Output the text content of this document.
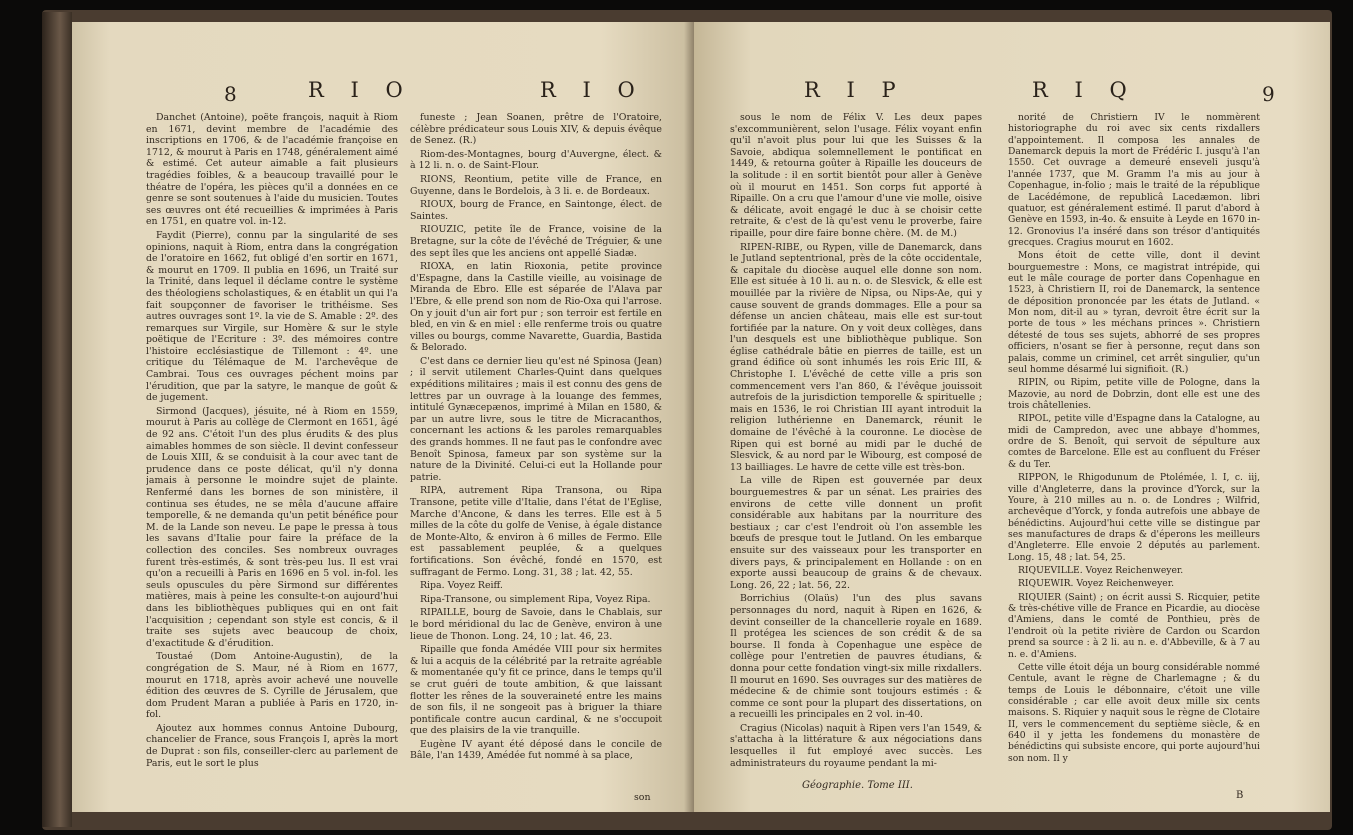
8	R I O	R I O

Danchet (Antoine), poëte françois, naquit à Riom en 1671, devint membre de l'académie des inscriptions en 1706, & de l'académie françoise en 1712, & mourut à Paris en 1748, généralement aimé & estimé. Cet auteur aimable a fait plusieurs tragédies foibles, & a beaucoup travaillé pour le théatre de l'opéra, les pièces qu'il a données en ce genre se sont soutenues à l'aide du musicien. Toutes ses œuvres ont été recueillies & imprimées à Paris en 1751, en quatre vol. in-12.

Faydit (Pierre), connu par la singularité de ses opinions, naquit à Riom, entra dans la congrégation de l'oratoire en 1662, fut obligé d'en sortir en 1671, & mourut en 1709. Il publia en 1696, un Traité sur la Trinité, dans lequel il déclame contre le système des théologiens scholastiques, & en établit un qui l'a fait soupçonner de favoriser le trithéisme. Ses autres ouvrages sont 1º. la vie de S. Amable : 2º. des remarques sur Virgile, sur Homère & sur le style poëtique de l'Ecriture : 3º. des mémoires contre l'histoire ecclésiastique de Tillemont : 4º. une critique du Télémaque de M. l'archevêque de Cambrai. Tous ces ouvrages péchent moins par l'érudition, que par la satyre, le manque de goût & de jugement.

Sirmond (Jacques), jésuite, né à Riom en 1559, mourut à Paris au collège de Clermont en 1651, âgé de 92 ans. C'étoit l'un des plus érudits & des plus aimables hommes de son siècle. Il devint confesseur de Louis XIII, & se conduisit à la cour avec tant de prudence dans ce poste délicat, qu'il n'y donna jamais à personne le moindre sujet de plainte. Renfermé dans les bornes de son ministère, il continua ses études, ne se mêla d'aucune affaire temporelle, & ne demanda qu'un petit bénéfice pour M. de la Lande son neveu. Le pape le pressa à tous les savans d'Italie pour faire la préface de la collection des conciles. Ses nombreux ouvrages furent très-estimés, & sont très-peu lus. Il est vrai qu'on a recueilli à Paris en 1696 en 5 vol. in-fol. les seuls opuscules du père Sirmond sur différentes matières, mais à peine les consulte-t-on aujourd'hui dans les bibliothèques publiques qui en ont fait l'acquisition ; cependant son style est concis, & il traite ses sujets avec beaucoup de choix, d'exactitude & d'érudition.

Toustaé (Dom Antoine-Augustin), de la congrégation de S. Maur, né à Riom en 1677, mourut en 1718, après avoir achevé une nouvelle édition des œuvres de S. Cyrille de Jérusalem, que dom Prudent Maran a publiée à Paris en 1720, in-fol.

Ajoutez aux hommes connus Antoine Dubourg, chancelier de France, sous François I, après la mort de Duprat : son fils, conseiller-clerc au parlement de Paris, eut le sort le plus

funeste ; Jean Soanen, prêtre de l'Oratoire, célèbre prédicateur sous Louis XIV, & depuis évêque de Senez. (R.)

Riom-des-Montagnes, bourg d'Auvergne, élect. & à 12 li. n. o. de Saint-Flour.

RIONS, Reontium, petite ville de France, en Guyenne, dans le Bordelois, à 3 li. e. de Bordeaux.

RIOUX, bourg de France, en Saintonge, élect. de Saintes.

RIOUZIC, petite île de France, voisine de la Bretagne, sur la côte de l'évêché de Tréguier, & une des sept îles que les anciens ont appellé Siadæ.

RIOXA, en latin Rioxonia, petite province d'Espagne, dans la Castille vieille, au voisinage de Miranda de Ebro. Elle est séparée de l'Alava par l'Ebre, & elle prend son nom de Rio-Oxa qui l'arrose. On y jouit d'un air fort pur ; son terroir est fertile en bled, en vin & en miel : elle renferme trois ou quatre villes ou bourgs, comme Navarette, Guardia, Bastida & Belorado.

C'est dans ce dernier lieu qu'est né Spinosa (Jean) ; il servit utilement Charles-Quint dans quelques expéditions militaires ; mais il est connu des gens de lettres par un ouvrage à la louange des femmes, intitulé Gynæcepænos, imprimé à Milan en 1580, & par un autre livre, sous le titre de Micracanthos, concernant les actions & les paroles remarquables des grands hommes. Il ne faut pas le confondre avec Benoît Spinosa, fameux par son système sur la nature de la Divinité. Celui-ci eut la Hollande pour patrie.

RIPA, autrement Ripa Transona, ou Ripa Transone, petite ville d'Italie, dans l'état de l'Eglise, Marche d'Ancone, & dans les terres. Elle est à 5 milles de la côte du golfe de Venise, à égale distance de Monte-Alto, & environ à 6 milles de Fermo. Elle est passablement peuplée, & a quelques fortifications. Son évêché, fondé en 1570, est suffragant de Fermo. Long. 31, 38 ; lat. 42, 55.

Ripa. Voyez Reiff.

Ripa-Transone, ou simplement Ripa, Voyez Ripa.

RIPAILLE, bourg de Savoie, dans le Chablais, sur le bord méridional du lac de Genève, environ à une lieue de Thonon. Long. 24, 10 ; lat. 46, 23.

Ripaille que fonda Amédée VIII pour six hermites & lui a acquis de la célébrité par la retraite agréable & momentanée qu'y fit ce prince, dans le temps qu'il se crut guéri de toute ambition, & que laissant flotter les rênes de la souveraineté entre les mains de son fils, il ne songeoit pas à briguer la thiare pontificale contre aucun cardinal, & ne s'occupoit que des plaisirs de la vie tranquille.

Eugène IV ayant été déposé dans le concile de Bâle, l'an 1439, Amédée fut nommé à sa place,

son
R I P	R I Q	9

sous le nom de Félix V. Les deux papes s'excommunièrent, selon l'usage. Félix voyant enfin qu'il n'avoit plus pour lui que les Suisses & la Savoie, abdiqua solemnellement le pontificat en 1449, & retourna goûter à Ripaille les douceurs de la solitude : il en sortit bientôt pour aller à Genève où il mourut en 1451. Son corps fut apporté à Ripaille. On a cru que l'amour d'une vie molle, oisive & délicate, avoit engagé le duc à se choisir cette retraite, & c'est de là qu'est venu le proverbe, faire ripaille, pour dire faire bonne chère. (M. de M.)

RIPEN-RIBE, ou Rypen, ville de Danemarck, dans le Jutland septentrional, près de la côte occidentale, & capitale du diocèse auquel elle donne son nom. Elle est située à 10 li. au n. o. de Slesvick, & elle est mouillée par la rivière de Nipsa, ou Nips-Ae, qui y cause souvent de grands dommages. Elle a pour sa défense un ancien château, mais elle est sur-tout fortifiée par la nature. On y voit deux collèges, dans l'un desquels est une bibliothèque publique. Son église cathédrale bâtie en pierres de taille, est un grand édifice où sont inhumés les rois Eric III, & Christophe I. L'évêché de cette ville a pris son commencement vers l'an 860, & l'évêque jouissoit autrefois de la jurisdiction temporelle & spirituelle ; mais en 1536, le roi Christian III ayant introduit la religion luthérienne en Danemarck, réunit le domaine de l'évêché à la couronne. Le diocèse de Ripen qui est borné au midi par le duché de Slesvick, & au nord par le Wibourg, est composé de 13 bailliages. Le havre de cette ville est très-bon.

La ville de Ripen est gouvernée par deux bourguemestres & par un sénat. Les prairies des environs de cette ville donnent un profit considérable aux habitans par la nourriture des bestiaux ; car c'est l'endroit où l'on assemble les bœufs de presque tout le Jutland. On les embarque ensuite sur des vaisseaux pour les transporter en divers pays, & principalement en Hollande : on en exporte aussi beaucoup de grains & de chevaux. Long. 26, 22 ; lat. 56, 22.

Borrichius (Olaüs) l'un des plus savans personnages du nord, naquit à Ripen en 1626, & devint conseiller de la chancellerie royale en 1689. Il protégea les sciences de son crédit & de sa bourse. Il fonda à Copenhague une espèce de collège pour l'entretien de pauvres étudians, & donna pour cette fondation vingt-six mille rixdallers. Il mourut en 1690. Ses ouvrages sur des matières de médecine & de chimie sont toujours estimés : & comme ce sont pour la plupart des dissertations, on a recueilli les principales en 2 vol. in-40.

Cragius (Nicolas) naquit à Ripen vers l'an 1549, & s'attacha à la littérature & aux négociations dans lesquelles il fut employé avec succès. Les administrateurs du royaume pendant la mi-

norité de Christiern IV le nommèrent historiographe du roi avec six cents rixdallers d'appointement. Il composa les annales de Danemarck depuis la mort de Frédéric I. jusqu'à l'an 1550. Cet ouvrage a demeuré enseveli jusqu'à l'année 1737, que M. Gramm l'a mis au jour à Copenhague, in-folio ; mais le traité de la république de Lacédémone, de republicâ Lacedæmon. libri quatuor, est généralement estimé. Il parut d'abord à Genève en 1593, in-4o. & ensuite à Leyde en 1670 in-12. Gronovius l'a inséré dans son trésor d'antiquités grecques. Cragius mourut en 1602.

Mons étoit de cette ville, dont il devint bourguemestre : Mons, ce magistrat intrépide, qui eut le mâle courage de porter dans Copenhague en 1523, à Christiern II, roi de Danemarck, la sentence de déposition prononcée par les états de Jutland. « Mon nom, dit-il au » tyran, devroit être écrit sur la porte de tous » les méchans princes ». Christiern détesté de tous ses sujets, abhorré de ses propres officiers, n'osant se fier à personne, reçut dans son palais, comme un criminel, cet arrêt singulier, qu'un seul homme désarmé lui signifioit. (R.)

RIPIN, ou Ripim, petite ville de Pologne, dans la Mazovie, au nord de Dobrzin, dont elle est une des trois châtellenies.

RIPOL, petite ville d'Espagne dans la Catalogne, au midi de Campredon, avec une abbaye d'hommes, ordre de S. Benoît, qui servoit de sépulture aux comtes de Barcelone. Elle est au confluent du Fréser & du Ter.

RIPPON, le Rhigodunum de Ptolémée, l. I, c. iij, ville d'Angleterre, dans la province d'Yorck, sur la Youre, à 210 milles au n. o. de Londres ; Wilfrid, archevêque d'Yorck, y fonda autrefois une abbaye de bénédictins. Aujourd'hui cette ville se distingue par ses manufactures de draps & d'éperons les meilleurs d'Angleterre. Elle envoie 2 députés au parlement. Long. 15, 48 ; lat. 54, 25.

RIQUEVILLE. Voyez Reichenweyer.

RIQUEWIR. Voyez Reichenweyer.

RIQUIER (Saint) ; on écrit aussi S. Ricquier, petite & très-chétive ville de France en Picardie, au diocèse d'Amiens, dans le comté de Ponthieu, près de l'endroit où la petite rivière de Cardon ou Scardon prend sa source : à 2 li. au n. e. d'Abbeville, & à 7 au n. e. d'Amiens.

Cette ville étoit déja un bourg considérable nommé Centule, avant le règne de Charlemagne ; & du temps de Louis le débonnaire, c'étoit une ville considérable ; car elle avoit deux mille six cents maisons. S. Riquier y naquit sous le règne de Clotaire II, vers le commencement du septième siècle, & en 640 il y jetta les fondemens du monastère de bénédictins qui subsiste encore, qui porte aujourd'hui son nom. Il y

Géographie. Tome III.
B
